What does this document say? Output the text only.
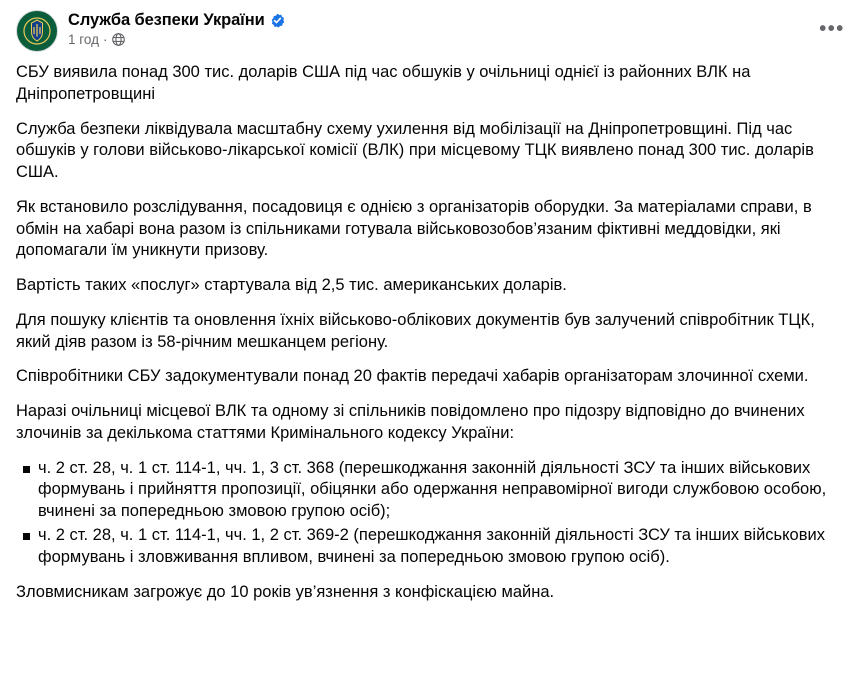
Служба безпеки України
1 год ·	•••

СБУ виявила понад 300 тис. доларів США під час обшуків у очільниці однієї із районних ВЛК на Дніпропетровщині

Служба безпеки ліквідувала масштабну схему ухилення від мобілізації на Дніпропетровщині. Під час обшуків у голови військово-лікарської комісії (ВЛК) при місцевому ТЦК виявлено понад 300 тис. доларів США.

Як встановило розслідування, посадовиця є однією з організаторів оборудки. За матеріалами справи, в обмін на хабарі вона разом із спільниками готувала військовозобов’язаним фіктивні меддовідки, які допомагали їм уникнути призову.

Вартість таких «послуг» стартувала від 2,5 тис. американських доларів.

Для пошуку клієнтів та оновлення їхніх військово-облікових документів був залучений співробітник ТЦК, який діяв разом із 58-річним мешканцем регіону.

Співробітники СБУ задокументували понад 20 фактів передачі хабарів організаторам злочинної схеми.

Наразі очільниці місцевої ВЛК та одному зі спільників повідомлено про підозру відповідно до вчинених злочинів за декількома статтями Кримінального кодексу України:

ч. 2 ст. 28, ч. 1 ст. 114-1, чч. 1, 3 ст. 368 (перешкоджання законній діяльності ЗСУ та інших військових формувань і прийняття пропозиції, обіцянки або одержання неправомірної вигоди службовою особою, вчинені за попередньою змовою групою осіб);
ч. 2 ст. 28, ч. 1 ст. 114-1, чч. 1, 2 ст. 369-2 (перешкоджання законній діяльності ЗСУ та інших військових формувань і зловживання впливом, вчинені за попередньою змовою групою осіб).

Зловмисникам загрожує до 10 років ув’язнення з конфіскацією майна.
